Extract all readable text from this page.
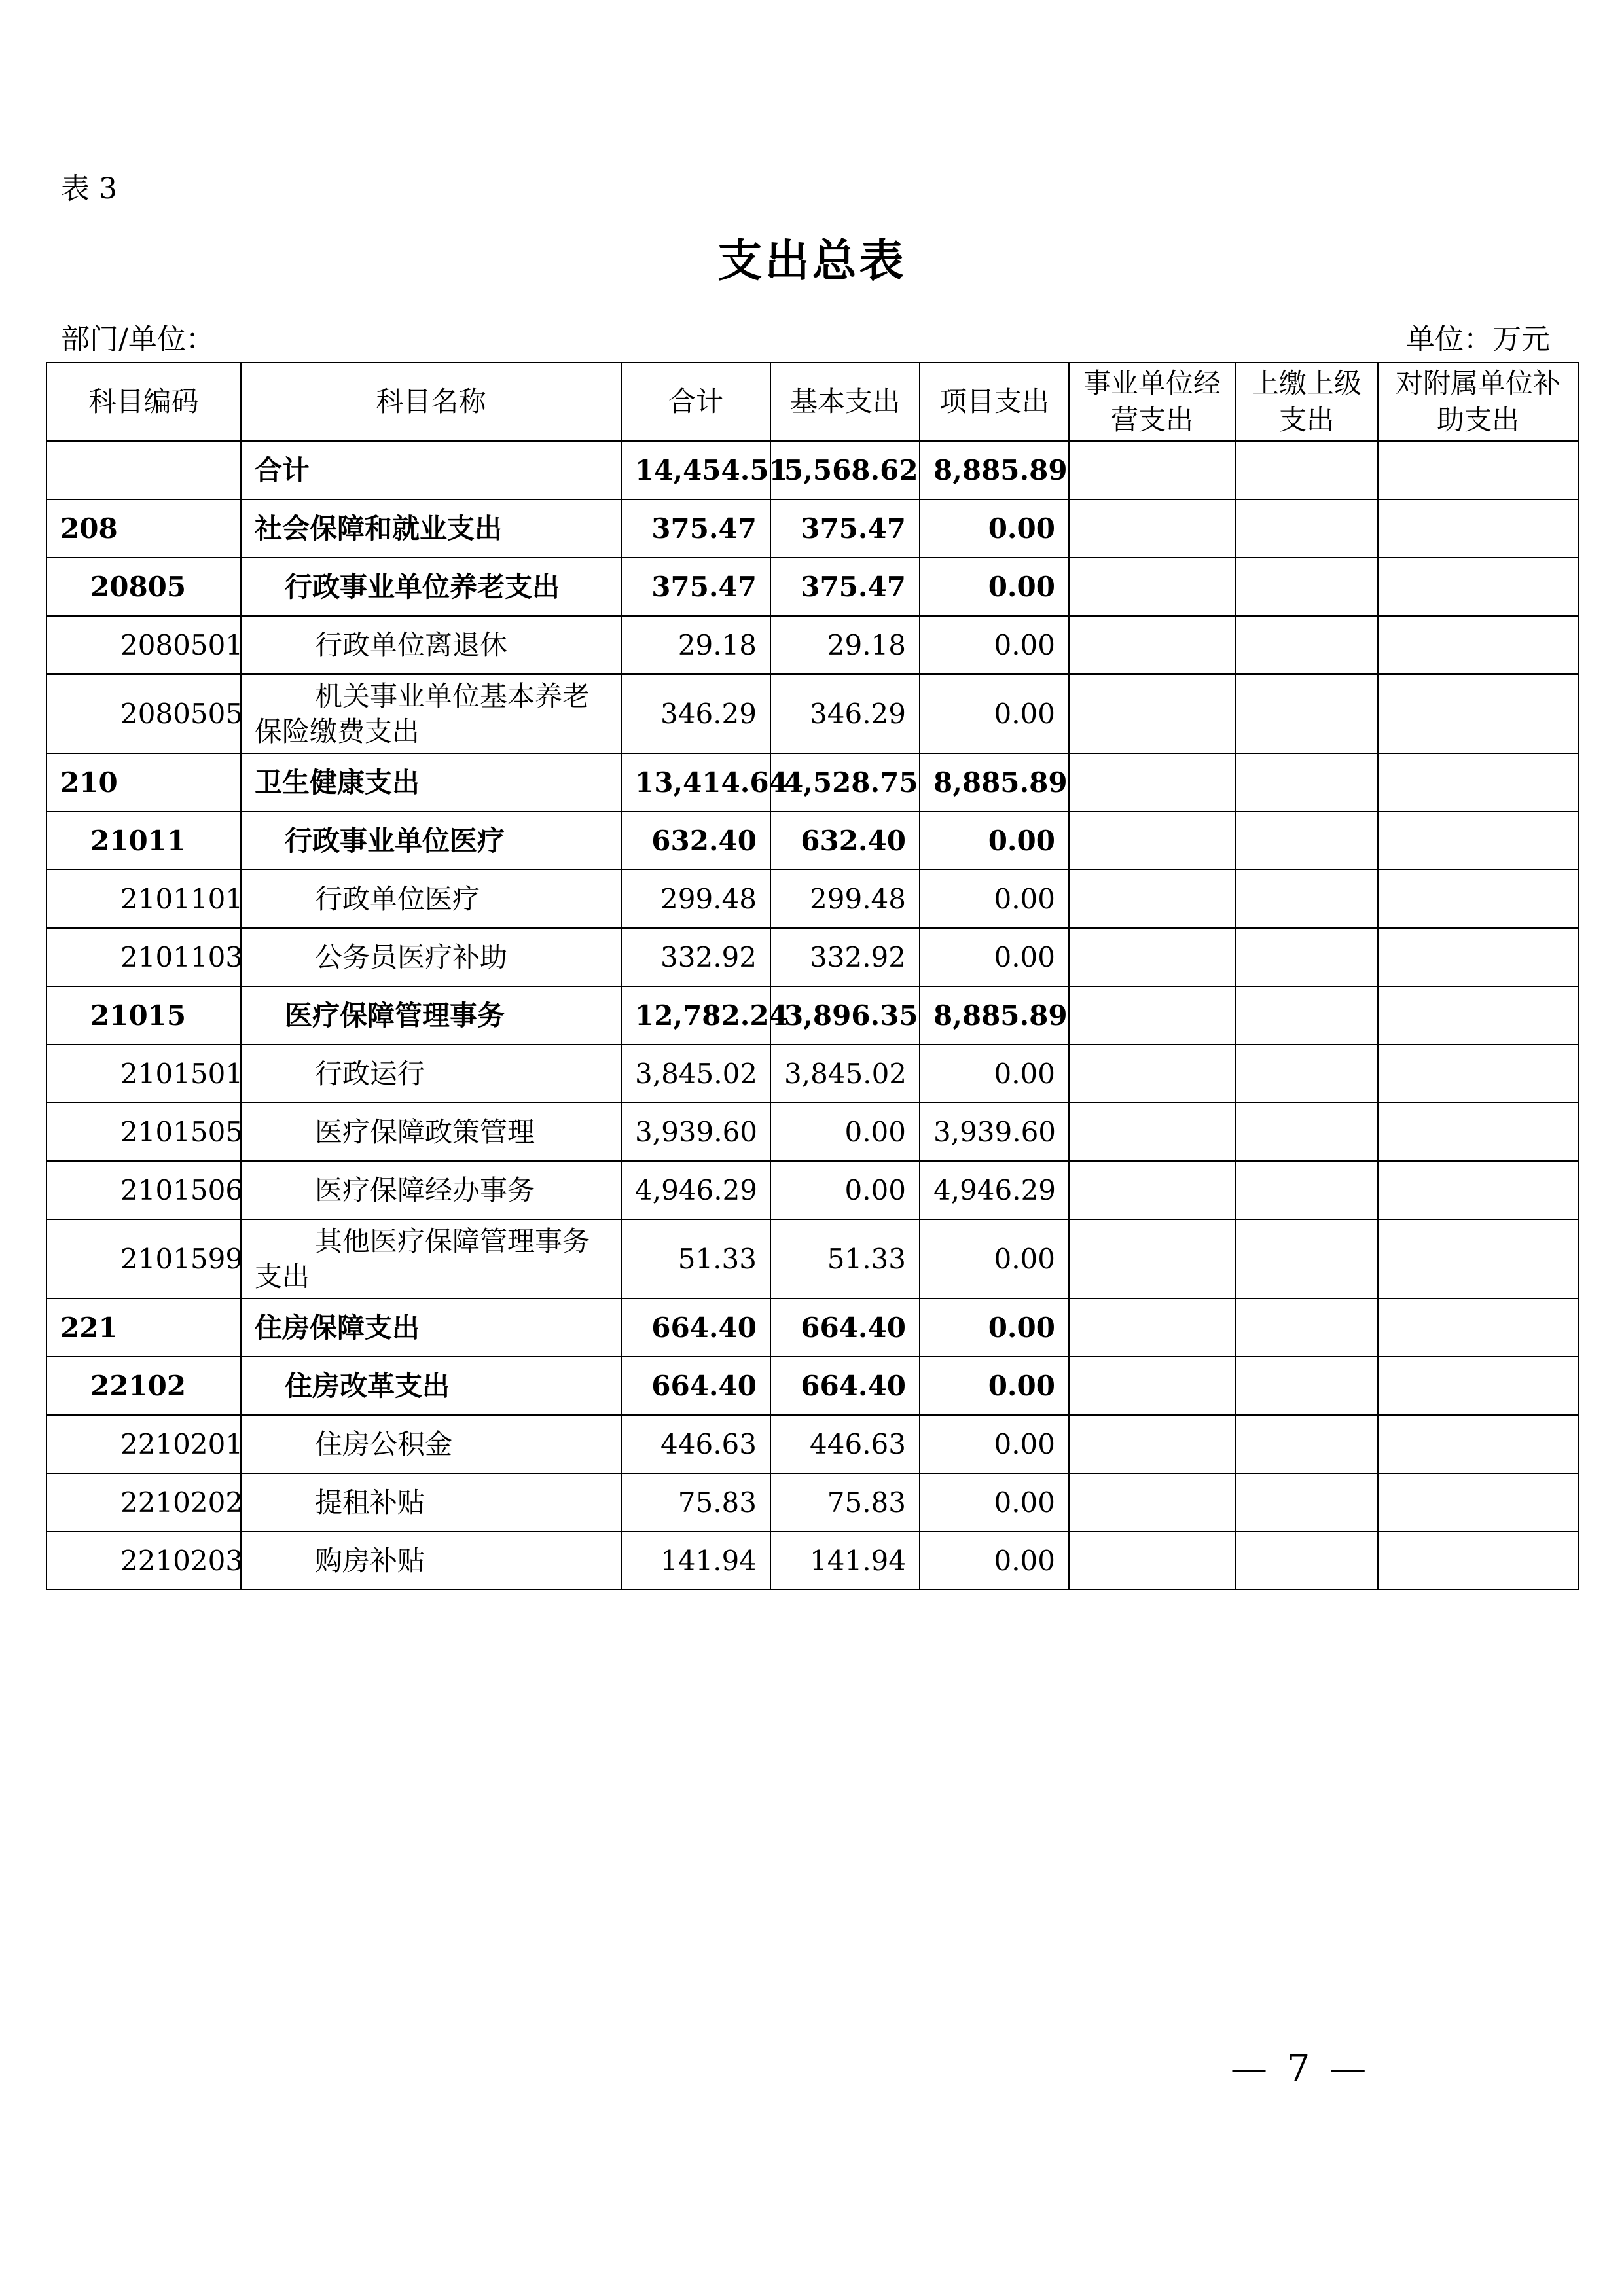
表 3
支出总表
部门/单位：	单位：万元
科目编码	科目名称	合计	基本支出	项目支出	事业单位经营支出	上缴上级支出	对附属单位补助支出
	合计	14,454.51	5,568.62	8,885.89			
208	社会保障和就业支出	375.47	375.47	0.00			
20805	行政事业单位养老支出	375.47	375.47	0.00			
2080501	行政单位离退休	29.18	29.18	0.00			
2080505	机关事业单位基本养老保险缴费支出	346.29	346.29	0.00			
210	卫生健康支出	13,414.64	4,528.75	8,885.89			
21011	行政事业单位医疗	632.40	632.40	0.00			
2101101	行政单位医疗	299.48	299.48	0.00			
2101103	公务员医疗补助	332.92	332.92	0.00			
21015	医疗保障管理事务	12,782.24	3,896.35	8,885.89			
2101501	行政运行	3,845.02	3,845.02	0.00			
2101505	医疗保障政策管理	3,939.60	0.00	3,939.60			
2101506	医疗保障经办事务	4,946.29	0.00	4,946.29			
2101599	其他医疗保障管理事务支出	51.33	51.33	0.00			
221	住房保障支出	664.40	664.40	0.00			
22102	住房改革支出	664.40	664.40	0.00			
2210201	住房公积金	446.63	446.63	0.00			
2210202	提租补贴	75.83	75.83	0.00			
2210203	购房补贴	141.94	141.94	0.00			
— 7 —
